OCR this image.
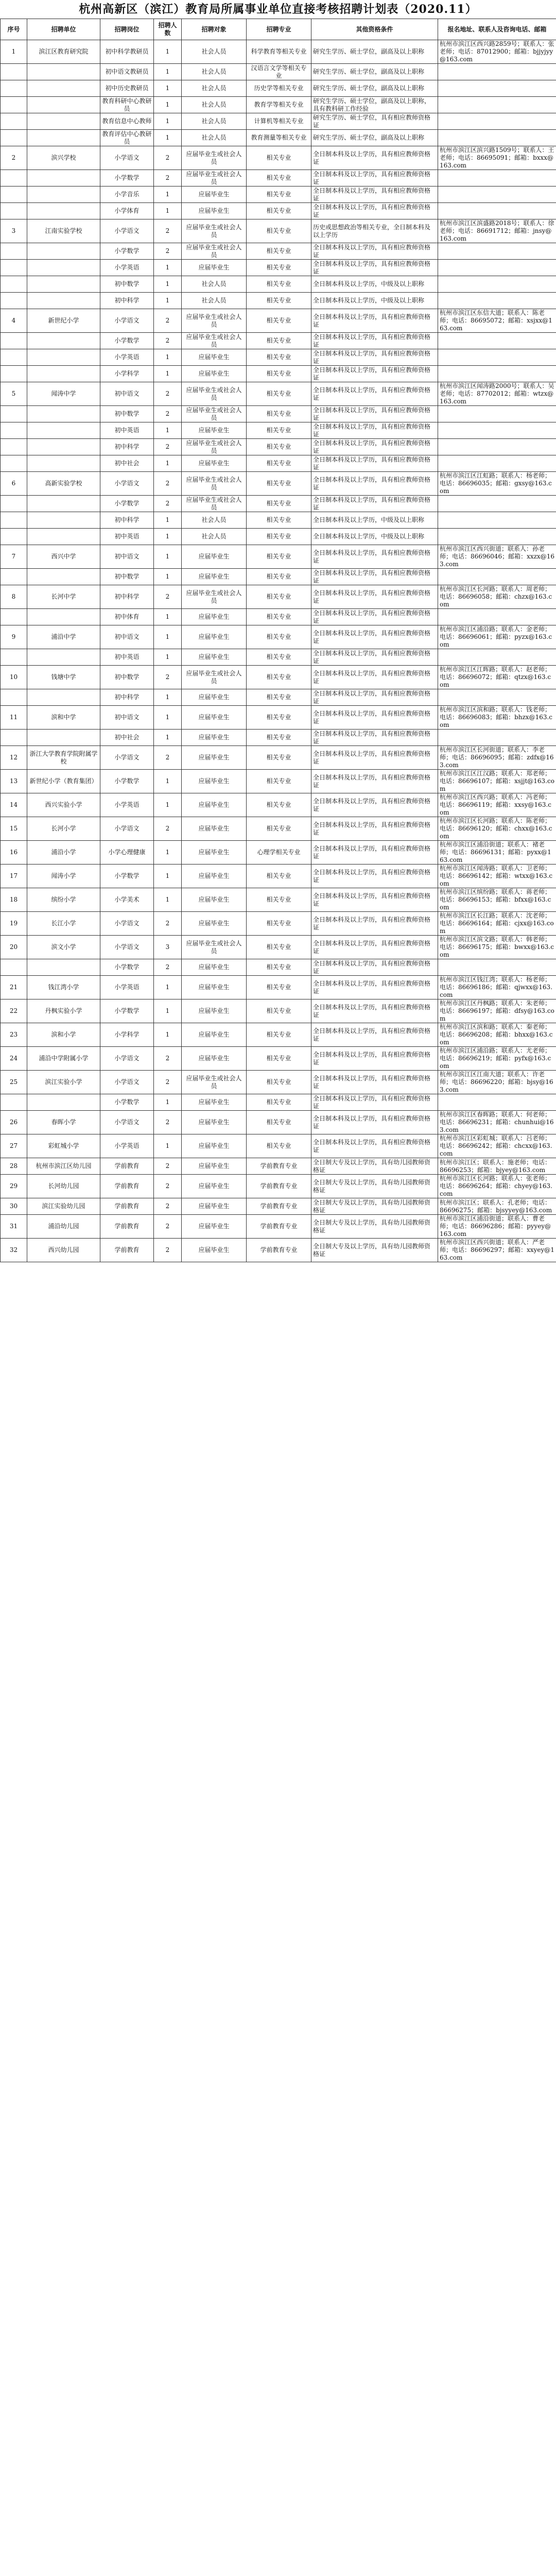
杭州高新区（滨江）教育局所属事业单位直接考核招聘计划表（2020.11）
序号	招聘单位	招聘岗位	招聘人数	招聘对象	招聘专业	其他资格条件	报名地址、联系人及咨询电话、邮箱
1	滨江区教育研究院	初中科学教研员	1	社会人员	科学教育等相关专业	研究生学历、硕士学位，副高及以上职称	杭州市滨江区西兴路2859号；联系人：张老师；电话：87012900；邮箱：bjjyjyy@163.com
		初中语文教研员	1	社会人员	汉语言文学等相关专业	研究生学历、硕士学位，副高及以上职称	
		初中历史教研员	1	社会人员	历史学等相关专业	研究生学历、硕士学位，副高及以上职称	
		教育科研中心教研员	1	社会人员	教育学等相关专业	研究生学历、硕士学位，副高及以上职称，具有教科研工作经验	
		教育信息中心教师	1	社会人员	计算机等相关专业	研究生学历、硕士学位，具有相应教师资格证	
		教育评估中心教研员	1	社会人员	教育测量等相关专业	研究生学历、硕士学位，副高及以上职称	
2	滨兴学校	小学语文	2	应届毕业生或社会人员	相关专业	全日制本科及以上学历，具有相应教师资格证	杭州市滨江区滨兴路1509号；联系人：王老师；电话：86695091；邮箱：bxxx@163.com
		小学数学	2	应届毕业生或社会人员	相关专业	全日制本科及以上学历，具有相应教师资格证	
		小学音乐	1	应届毕业生	相关专业	全日制本科及以上学历，具有相应教师资格证	
		小学体育	1	应届毕业生	相关专业	全日制本科及以上学历，具有相应教师资格证	
3	江南实验学校	小学语文	2	应届毕业生或社会人员	相关专业	历史或思想政治等相关专业，全日制本科及以上学历	杭州市滨江区滨盛路2018号；联系人：徐老师；电话：86691712；邮箱：jnsy@163.com
		小学数学	2	应届毕业生或社会人员	相关专业	全日制本科及以上学历，具有相应教师资格证	
		小学英语	1	应届毕业生	相关专业	全日制本科及以上学历，具有相应教师资格证	
		初中数学	1	社会人员	相关专业	全日制本科及以上学历，中级及以上职称	
		初中科学	1	社会人员	相关专业	全日制本科及以上学历，中级及以上职称	
4	新世纪小学	小学语文	2	应届毕业生或社会人员	相关专业	全日制本科及以上学历，具有相应教师资格证	杭州市滨江区东信大道；联系人：陈老师；电话：86695072；邮箱：xsjxx@163.com
		小学数学	2	应届毕业生或社会人员	相关专业	全日制本科及以上学历，具有相应教师资格证	
		小学英语	1	应届毕业生	相关专业	全日制本科及以上学历，具有相应教师资格证	
		小学科学	1	应届毕业生	相关专业	全日制本科及以上学历，具有相应教师资格证	
5	闻涛中学	初中语文	2	应届毕业生或社会人员	相关专业	全日制本科及以上学历，具有相应教师资格证	杭州市滨江区闻涛路2000号；联系人：吴老师；电话：87702012；邮箱：wtzx@163.com
		初中数学	2	应届毕业生或社会人员	相关专业	全日制本科及以上学历，具有相应教师资格证	
		初中英语	1	应届毕业生	相关专业	全日制本科及以上学历，具有相应教师资格证	
		初中科学	2	应届毕业生或社会人员	相关专业	全日制本科及以上学历，具有相应教师资格证	
		初中社会	1	应届毕业生	相关专业	全日制本科及以上学历，具有相应教师资格证	
6	高新实验学校	小学语文	2	应届毕业生或社会人员	相关专业	全日制本科及以上学历，具有相应教师资格证	杭州市滨江区江虹路；联系人：杨老师；电话：86696035；邮箱：gxsy@163.com
		小学数学	2	应届毕业生或社会人员	相关专业	全日制本科及以上学历，具有相应教师资格证	
		初中科学	1	社会人员	相关专业	全日制本科及以上学历，中级及以上职称	
		初中英语	1	社会人员	相关专业	全日制本科及以上学历，中级及以上职称	
7	西兴中学	初中语文	1	应届毕业生	相关专业	全日制本科及以上学历，具有相应教师资格证	杭州市滨江区西兴街道；联系人：孙老师；电话：86696046；邮箱：xxzx@163.com
		初中数学	1	应届毕业生	相关专业	全日制本科及以上学历，具有相应教师资格证	
8	长河中学	初中科学	2	应届毕业生或社会人员	相关专业	全日制本科及以上学历，具有相应教师资格证	杭州市滨江区长河路；联系人：周老师；电话：86696058；邮箱：chzx@163.com
		初中体育	1	应届毕业生	相关专业	全日制本科及以上学历，具有相应教师资格证	
9	浦沿中学	初中语文	1	应届毕业生	相关专业	全日制本科及以上学历，具有相应教师资格证	杭州市滨江区浦沿路；联系人：金老师；电话：86696061；邮箱：pyzx@163.com
		初中英语	1	应届毕业生	相关专业	全日制本科及以上学历，具有相应教师资格证	
10	钱塘中学	初中数学	2	应届毕业生或社会人员	相关专业	全日制本科及以上学历，具有相应教师资格证	杭州市滨江区江晖路；联系人：赵老师；电话：86696072；邮箱：qtzx@163.com
		初中科学	1	应届毕业生	相关专业	全日制本科及以上学历，具有相应教师资格证	
11	滨和中学	初中语文	1	应届毕业生	相关专业	全日制本科及以上学历，具有相应教师资格证	杭州市滨江区滨和路；联系人：钱老师；电话：86696083；邮箱：bhzx@163.com
		初中社会	1	应届毕业生	相关专业	全日制本科及以上学历，具有相应教师资格证	
12	浙江大学教育学院附属学校	小学语文	2	应届毕业生	相关专业	全日制本科及以上学历，具有相应教师资格证	杭州市滨江区长河街道；联系人：李老师；电话：86696095；邮箱：zdfx@163.com
13	新世纪小学（教育集团）	小学数学	1	应届毕业生	相关专业	全日制本科及以上学历，具有相应教师资格证	杭州市滨江区江汉路；联系人：郑老师；电话：86696107；邮箱：xsjjt@163.com
14	西兴实验小学	小学英语	1	应届毕业生	相关专业	全日制本科及以上学历，具有相应教师资格证	杭州市滨江区西兴路；联系人：冯老师；电话：86696119；邮箱：xxsy@163.com
15	长河小学	小学语文	2	应届毕业生	相关专业	全日制本科及以上学历，具有相应教师资格证	杭州市滨江区长河路；联系人：陈老师；电话：86696120；邮箱：chxx@163.com
16	浦沿小学	小学心理健康	1	应届毕业生	心理学相关专业	全日制本科及以上学历，具有相应教师资格证	杭州市滨江区浦沿街道；联系人：褚老师；电话：86696131；邮箱：pyxx@163.com
17	闻涛小学	小学数学	1	应届毕业生	相关专业	全日制本科及以上学历，具有相应教师资格证	杭州市滨江区闻涛路；联系人：卫老师；电话：86696142；邮箱：wtxx@163.com
18	缤纷小学	小学美术	1	应届毕业生	相关专业	全日制本科及以上学历，具有相应教师资格证	杭州市滨江区缤纷路；联系人：蒋老师；电话：86696153；邮箱：bfxx@163.com
19	长江小学	小学语文	2	应届毕业生	相关专业	全日制本科及以上学历，具有相应教师资格证	杭州市滨江区长江路；联系人：沈老师；电话：86696164；邮箱：cjxx@163.com
20	滨文小学	小学语文	3	应届毕业生或社会人员	相关专业	全日制本科及以上学历，具有相应教师资格证	杭州市滨江区滨文路；联系人：韩老师；电话：86696175；邮箱：bwxx@163.com
		小学数学	2	应届毕业生	相关专业	全日制本科及以上学历，具有相应教师资格证	
21	钱江湾小学	小学英语	1	应届毕业生	相关专业	全日制本科及以上学历，具有相应教师资格证	杭州市滨江区钱江湾；联系人：杨老师；电话：86696186；邮箱：qjwxx@163.com
22	丹枫实验小学	小学数学	1	应届毕业生	相关专业	全日制本科及以上学历，具有相应教师资格证	杭州市滨江区丹枫路；联系人：朱老师；电话：86696197；邮箱：dfsy@163.com
23	滨和小学	小学科学	1	应届毕业生	相关专业	全日制本科及以上学历，具有相应教师资格证	杭州市滨江区滨和路；联系人：秦老师；电话：86696208；邮箱：bhxx@163.com
24	浦沿中学附属小学	小学语文	2	应届毕业生	相关专业	全日制本科及以上学历，具有相应教师资格证	杭州市滨江区浦沿路；联系人：尤老师；电话：86696219；邮箱：pyfx@163.com
25	滨江实验小学	小学语文	2	应届毕业生或社会人员	相关专业	全日制本科及以上学历，具有相应教师资格证	杭州市滨江区江南大道；联系人：许老师；电话：86696220；邮箱：bjsy@163.com
		小学数学	1	应届毕业生	相关专业	全日制本科及以上学历，具有相应教师资格证	
26	春晖小学	小学语文	2	应届毕业生	相关专业	全日制本科及以上学历，具有相应教师资格证	杭州市滨江区春晖路；联系人：何老师；电话：86696231；邮箱：chunhui@163.com
27	彩虹城小学	小学英语	1	应届毕业生	相关专业	全日制本科及以上学历，具有相应教师资格证	杭州市滨江区彩虹城；联系人：吕老师；电话：86696242；邮箱：chcxx@163.com
28	杭州市滨江区幼儿园	学前教育	2	应届毕业生	学前教育专业	全日制大专及以上学历，具有幼儿园教师资格证	杭州市滨江区；联系人：施老师；电话：86696253；邮箱：bjyey@163.com
29	长河幼儿园	学前教育	2	应届毕业生	学前教育专业	全日制大专及以上学历，具有幼儿园教师资格证	杭州市滨江区长河路；联系人：张老师；电话：86696264；邮箱：chyey@163.com
30	滨江实验幼儿园	学前教育	2	应届毕业生	学前教育专业	全日制大专及以上学历，具有幼儿园教师资格证	杭州市滨江区；联系人：孔老师；电话：86696275；邮箱：bjsyyey@163.com
31	浦沿幼儿园	学前教育	2	应届毕业生	学前教育专业	全日制大专及以上学历，具有幼儿园教师资格证	杭州市滨江区浦沿街道；联系人：曹老师；电话：86696286；邮箱：pyyey@163.com
32	西兴幼儿园	学前教育	2	应届毕业生	学前教育专业	全日制大专及以上学历，具有幼儿园教师资格证	杭州市滨江区西兴街道；联系人：严老师；电话：86696297；邮箱：xxyey@163.com
